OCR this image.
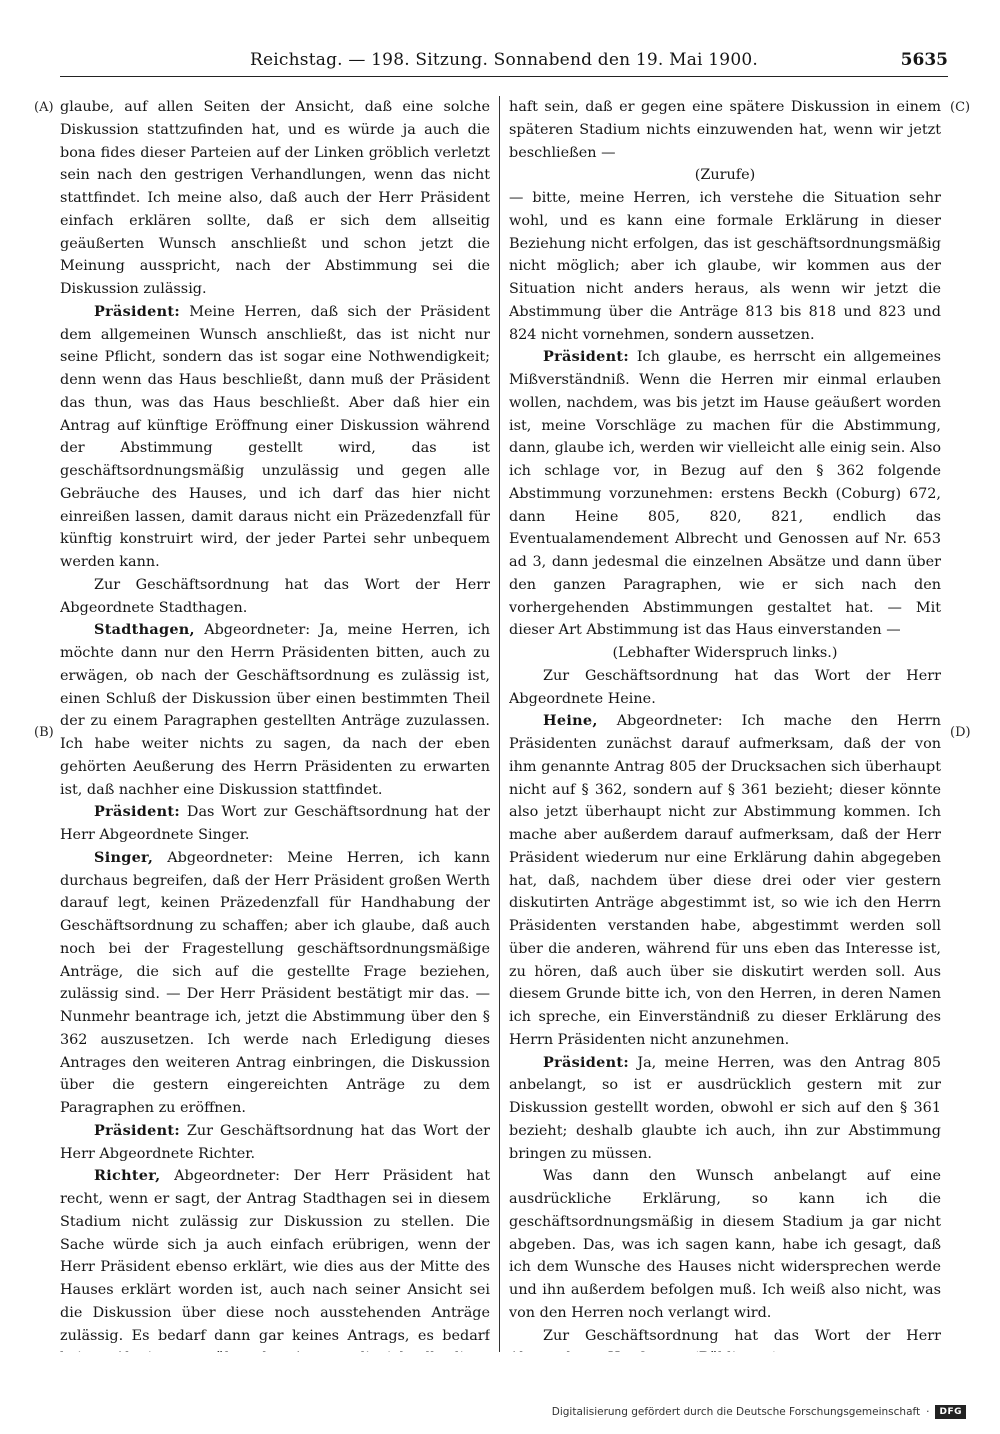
Reichstag. — 198. Sitzung. Sonnabend den 19. Mai 1900.	5635
(A)
(B)
(C)
(D)

glaube, auf allen Seiten der Ansicht, daß eine solche Diskussion stattzufinden hat, und es würde ja auch die bona fides dieser Parteien auf der Linken gröblich verletzt sein nach den gestrigen Verhandlungen, wenn das nicht stattfindet. Ich meine also, daß auch der Herr Präsident einfach erklären sollte, daß er sich dem allseitig geäußerten Wunsch anschließt und schon jetzt die Meinung ausspricht, nach der Abstimmung sei die Diskussion zulässig.

Präsident: Meine Herren, daß sich der Präsident dem allgemeinen Wunsch anschließt, das ist nicht nur seine Pflicht, sondern das ist sogar eine Nothwendigkeit; denn wenn das Haus beschließt, dann muß der Präsident das thun, was das Haus beschließt. Aber daß hier ein Antrag auf künftige Eröffnung einer Diskussion während der Abstimmung gestellt wird, das ist geschäftsordnungsmäßig unzulässig und gegen alle Gebräuche des Hauses, und ich darf das hier nicht einreißen lassen, damit daraus nicht ein Präzedenzfall für künftig konstruirt wird, der jeder Partei sehr unbequem werden kann.

Zur Geschäftsordnung hat das Wort der Herr Abgeordnete Stadthagen.

Stadthagen, Abgeordneter: Ja, meine Herren, ich möchte dann nur den Herrn Präsidenten bitten, auch zu erwägen, ob nach der Geschäftsordnung es zulässig ist, einen Schluß der Diskussion über einen bestimmten Theil der zu einem Paragraphen gestellten Anträge zuzulassen. Ich habe weiter nichts zu sagen, da nach der eben gehörten Aeußerung des Herrn Präsidenten zu erwarten ist, daß nachher eine Diskussion stattfindet.

Präsident: Das Wort zur Geschäftsordnung hat der Herr Abgeordnete Singer.

Singer, Abgeordneter: Meine Herren, ich kann durchaus begreifen, daß der Herr Präsident großen Werth darauf legt, keinen Präzedenzfall für Handhabung der Geschäftsordnung zu schaffen; aber ich glaube, daß auch noch bei der Fragestellung geschäftsordnungsmäßige Anträge, die sich auf die gestellte Frage beziehen, zulässig sind. — Der Herr Präsident bestätigt mir das. — Nunmehr beantrage ich, jetzt die Abstimmung über den § 362 auszusetzen. Ich werde nach Erledigung dieses Antrages den weiteren Antrag einbringen, die Diskussion über die gestern eingereichten Anträge zu dem Paragraphen zu eröffnen.

Präsident: Zur Geschäftsordnung hat das Wort der Herr Abgeordnete Richter.

Richter, Abgeordneter: Der Herr Präsident hat recht, wenn er sagt, der Antrag Stadthagen sei in diesem Stadium nicht zulässig zur Diskussion zu stellen. Die Sache würde sich ja auch einfach erübrigen, wenn der Herr Präsident ebenso erklärt, wie dies aus der Mitte des Hauses erklärt worden ist, auch nach seiner Ansicht sei die Diskussion über diese noch ausstehenden Anträge zulässig. Es bedarf dann gar keines Antrags, es bedarf

haft sein, daß er gegen eine spätere Diskussion in einem späteren Stadium nichts einzuwenden hat, wenn wir jetzt beschließen —

(Zurufe)

— bitte, meine Herren, ich verstehe die Situation sehr wohl, und es kann eine formale Erklärung in dieser Beziehung nicht erfolgen, das ist geschäftsordnungsmäßig nicht möglich; aber ich glaube, wir kommen aus der Situation nicht anders heraus, als wenn wir jetzt die Abstimmung über die Anträge 813 bis 818 und 823 und 824 nicht vornehmen, sondern aussetzen.

Präsident: Ich glaube, es herrscht ein allgemeines Mißverständniß. Wenn die Herren mir einmal erlauben wollen, nachdem, was bis jetzt im Hause geäußert worden ist, meine Vorschläge zu machen für die Abstimmung, dann, glaube ich, werden wir vielleicht alle einig sein. Also ich schlage vor, in Bezug auf den § 362 folgende Abstimmung vorzunehmen: erstens Beckh (Coburg) 672, dann Heine 805, 820, 821, endlich das Eventualamendement Albrecht und Genossen auf Nr. 653 ad 3, dann jedesmal die einzelnen Absätze und dann über den ganzen Paragraphen, wie er sich nach den vorhergehenden Abstimmungen gestaltet hat. — Mit dieser Art Abstimmung ist das Haus einverstanden —

(Lebhafter Widerspruch links.)

Zur Geschäftsordnung hat das Wort der Herr Abgeordnete Heine.

Heine, Abgeordneter: Ich mache den Herrn Präsidenten zunächst darauf aufmerksam, daß der von ihm genannte Antrag 805 der Drucksachen sich überhaupt nicht auf § 362, sondern auf § 361 bezieht; dieser könnte also jetzt überhaupt nicht zur Abstimmung kommen. Ich mache aber außerdem darauf aufmerksam, daß der Herr Präsident wiederum nur eine Erklärung dahin abgegeben hat, daß, nachdem über diese drei oder vier gestern diskutirten Anträge abgestimmt ist, so wie ich den Herrn Präsidenten verstanden habe, abgestimmt werden soll über die anderen, während für uns eben das Interesse ist, zu hören, daß auch über sie diskutirt werden soll. Aus diesem Grunde bitte ich, von den Herren, in deren Namen ich spreche, ein Einverständniß zu dieser Erklärung des Herrn Präsidenten nicht anzunehmen.

Präsident: Ja, meine Herren, was den Antrag 805 anbelangt, so ist er ausdrücklich gestern mit zur Diskussion gestellt worden, obwohl er sich auf den § 361 bezieht; deshalb glaubte ich auch, ihn zur Abstimmung bringen zu müssen.

Was dann den Wunsch anbelangt auf eine ausdrückliche Erklärung, so kann ich die geschäftsordnungsmäßig in diesem Stadium ja gar nicht abgeben. Das, was ich sagen kann, habe ich gesagt, daß ich dem Wunsche des Hauses nicht widersprechen werde und ihn außerdem befolgen muß. Ich weiß also nicht, was von den Herren noch verlangt wird.

Zur Geschäftsordnung hat das Wort der Herr

Digitalisierung gefördert durch die Deutsche Forschungsgemeinschaft ·	DFG
